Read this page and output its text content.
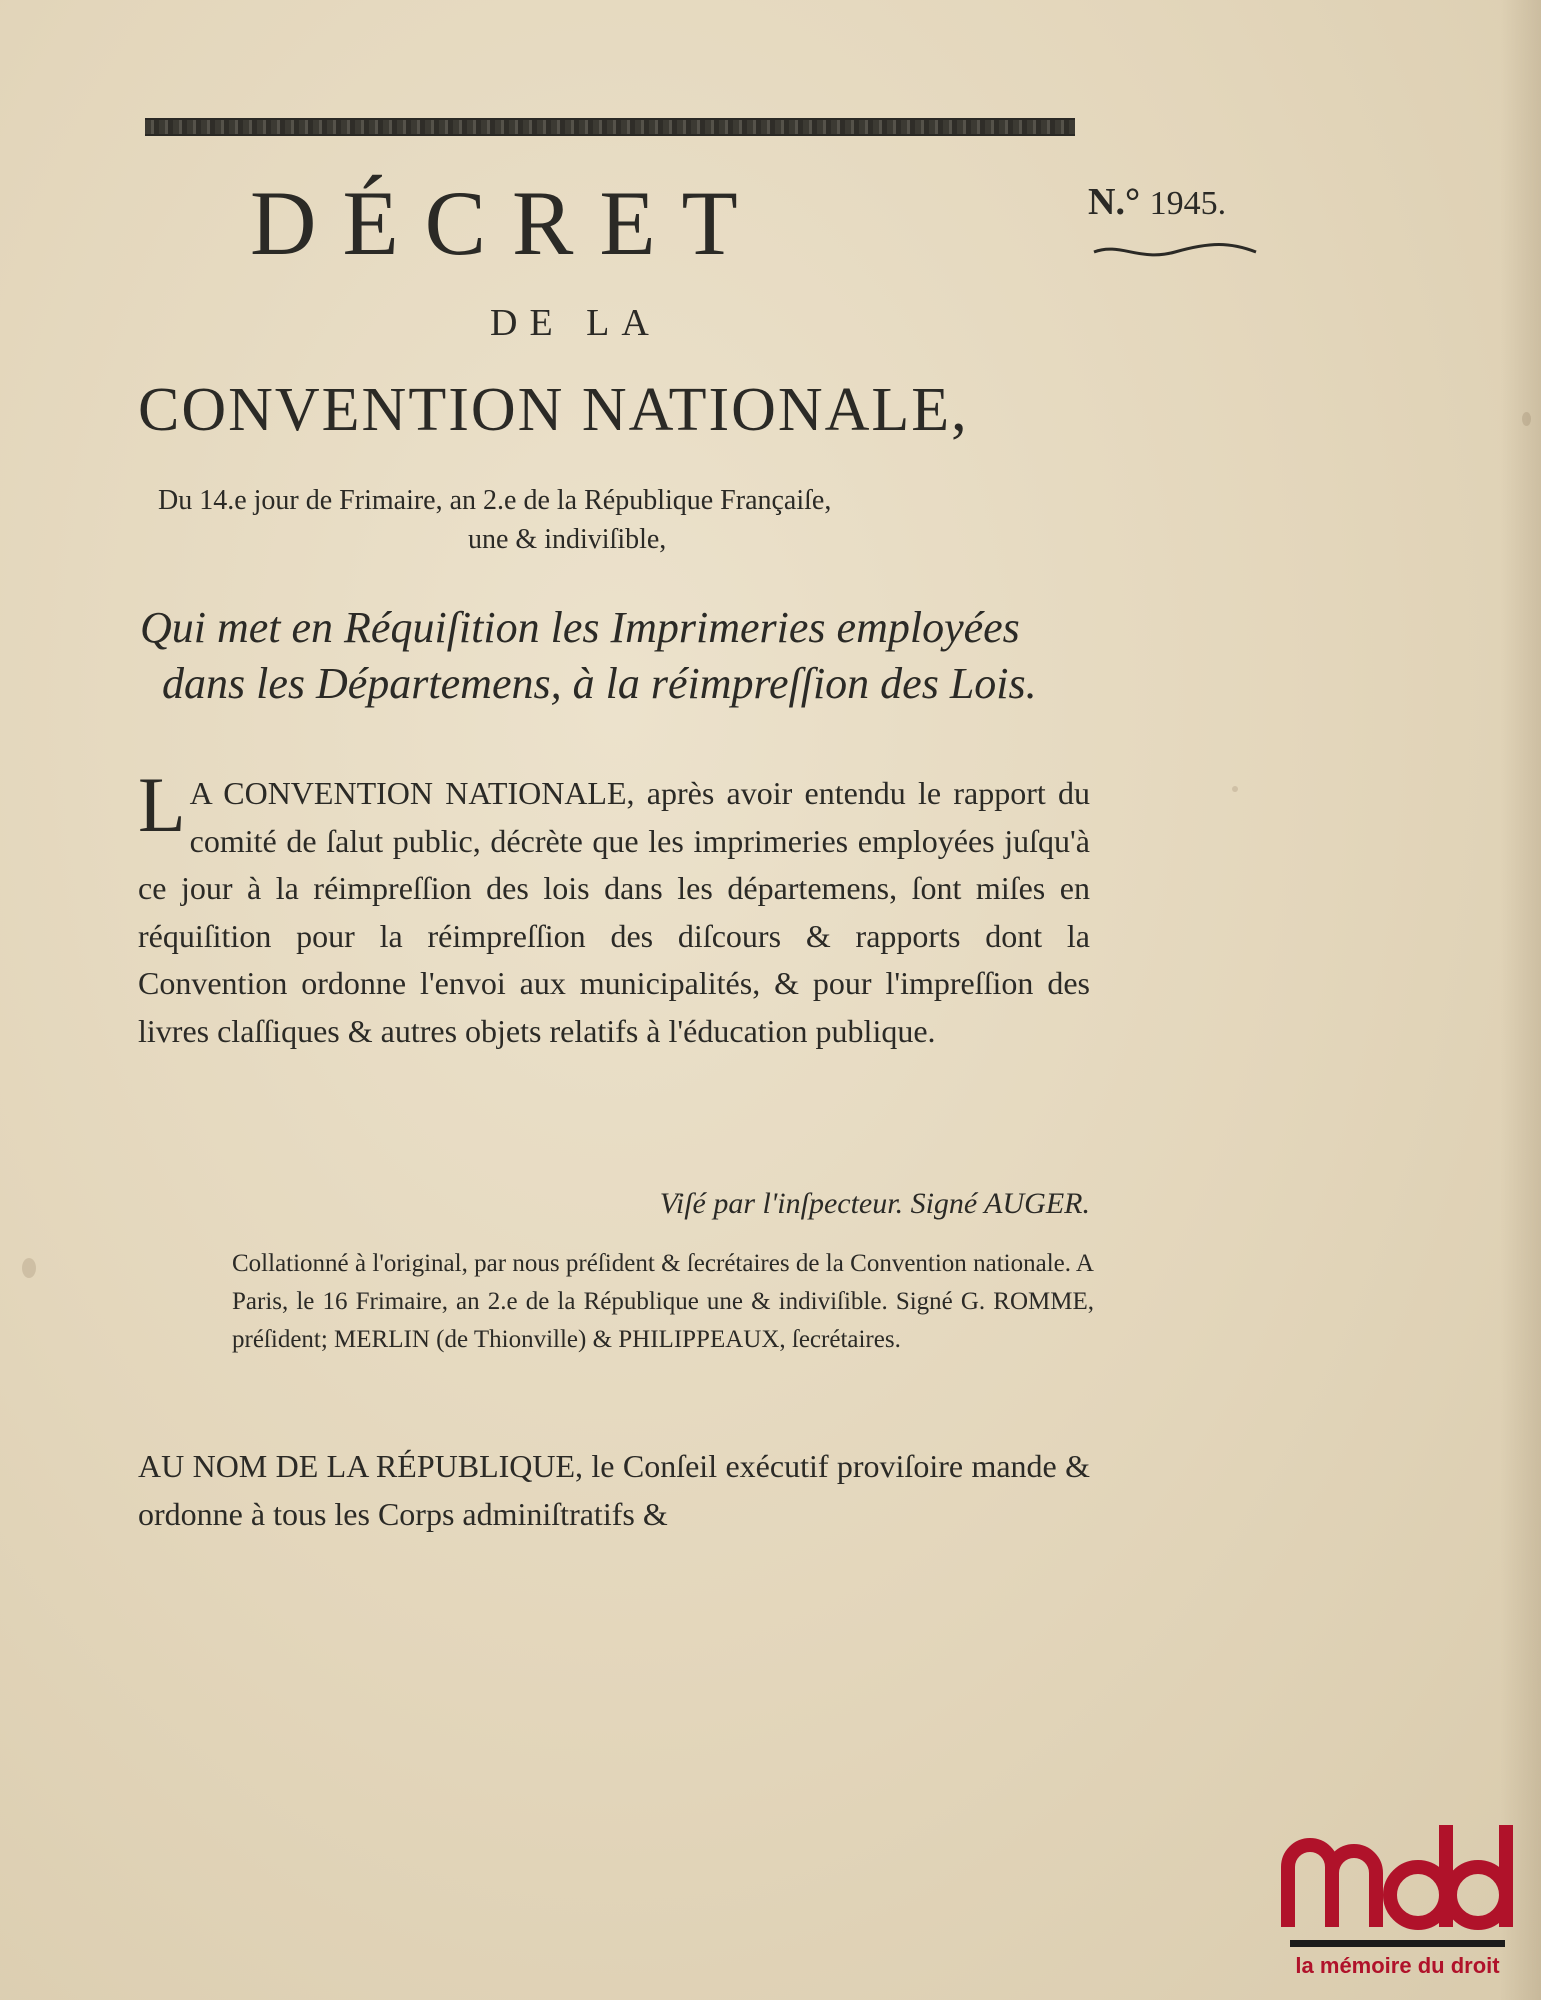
N.° 1945.
DÉCRET
DE LA
CONVENTION NATIONALE,
Du 14.e jour de Frimaire, an 2.e de la République Françaiſe,
une & indiviſible,
Qui met en Réquiſition les Imprimeries employées
dans les Départemens, à la réimpreſſion des Lois.
L A CONVENTION NATIONALE, après avoir entendu le rapport du comité de ſalut public, décrète que les imprimeries employées juſqu'à ce jour à la réimpreſſion des lois dans les départemens, ſont miſes en réquiſition pour la réimpreſſion des diſcours & rapports dont la Convention ordonne l'envoi aux municipalités, & pour l'impreſſion des livres claſſiques & autres objets relatifs à l'éducation publique.
Viſé par l'inſpecteur. Signé AUGER.
Collationné à l'original, par nous préſident & ſecrétaires de la Convention nationale. A Paris, le 16 Frimaire, an 2.e de la République une & indiviſible. Signé G. ROMME, préſident; MERLIN (de Thionville) & PHILIPPEAUX, ſecrétaires.
AU NOM DE LA RÉPUBLIQUE, le Conſeil exécutif proviſoire mande & ordonne à tous les Corps adminiſtratifs &
la mémoire du droit
